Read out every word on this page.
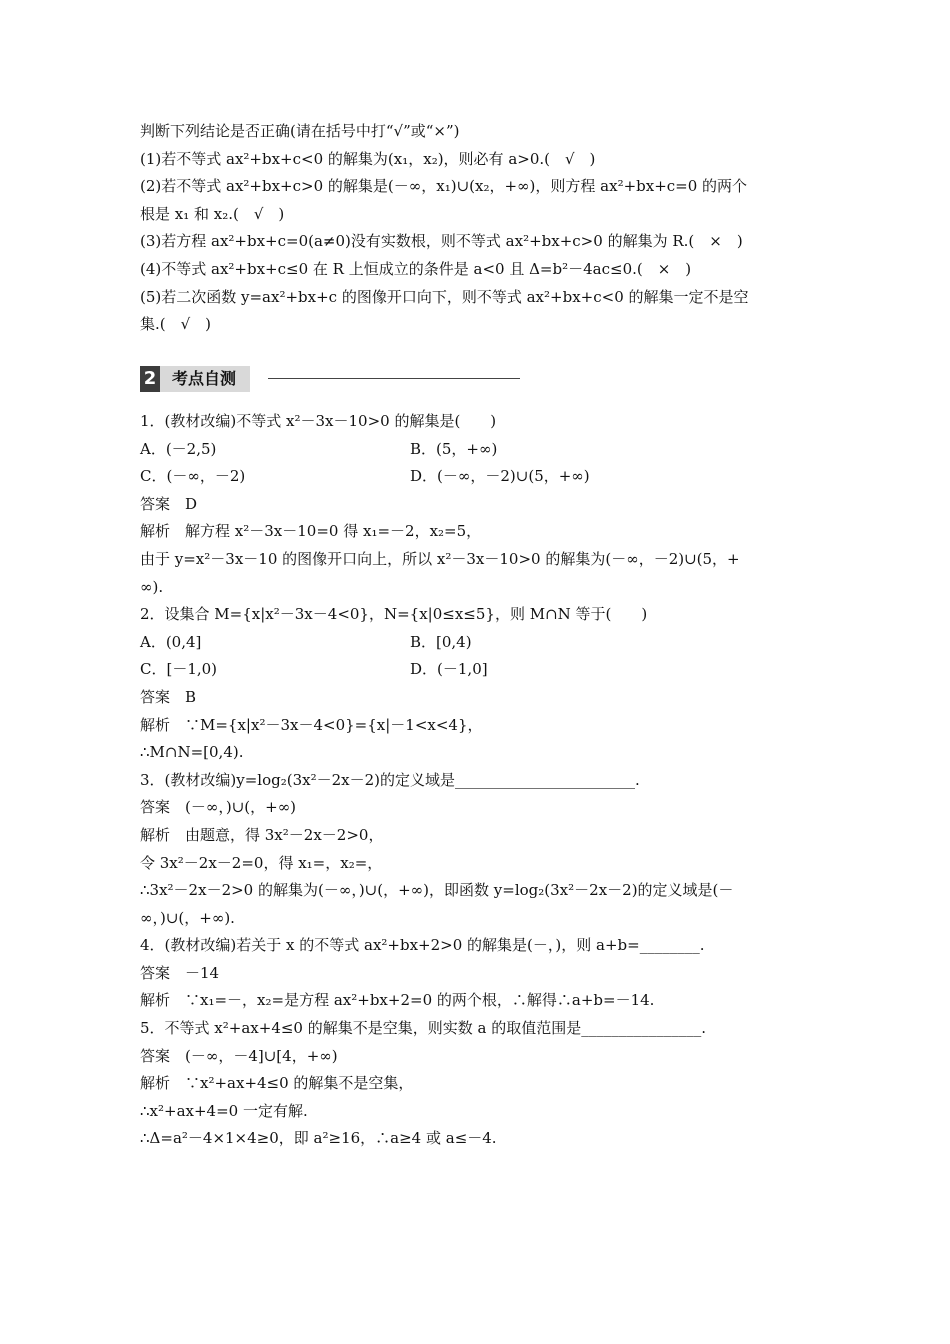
判断下列结论是否正确(请在括号中打“√”或“×”)
(1)若不等式 ax²+bx+c<0 的解集为(x₁，x₂)，则必有 a>0.(　√　)
(2)若不等式 ax²+bx+c>0 的解集是(－∞，x₁)∪(x₂，+∞)，则方程 ax²+bx+c=0 的两个
根是 x₁ 和 x₂.(　√　)
(3)若方程 ax²+bx+c=0(a≠0)没有实数根，则不等式 ax²+bx+c>0 的解集为 R.(　×　)
(4)不等式 ax²+bx+c≤0 在 R 上恒成立的条件是 a<0 且 Δ=b²－4ac≤0.(　×　)
(5)若二次函数 y=ax²+bx+c 的图像开口向下，则不等式 ax²+bx+c<0 的解集一定不是空
集.(　√　)
2 考点自测
1．(教材改编)不等式 x²－3x－10>0 的解集是(　　)
A．(－2,5)	B．(5，+∞)
C．(－∞，－2)	D．(－∞，－2)∪(5，+∞)
答案　D
解析　解方程 x²－3x－10=0 得 x₁=－2，x₂=5，
由于 y=x²－3x－10 的图像开口向上，所以 x²－3x－10>0 的解集为(－∞，－2)∪(5，+
∞).
2．设集合 M={x|x²－3x－4<0}，N={x|0≤x≤5}，则 M∩N 等于(　　)
A．(0,4]	B．[0,4)
C．[－1,0)	D．(－1,0]
答案　B
解析　∵M={x|x²－3x－4<0}={x|－1<x<4}，
∴M∩N=[0,4).
3．(教材改编)y=log₂(3x²－2x－2)的定义域是________________________.
答案　(－∞，)∪(，+∞)
解析　由题意，得 3x²－2x－2>0，
令 3x²－2x－2=0，得 x₁=，x₂=，
∴3x²－2x－2>0 的解集为(－∞，)∪(，+∞)，即函数 y=log₂(3x²－2x－2)的定义域是(－
∞，)∪(，+∞).
4．(教材改编)若关于 x 的不等式 ax²+bx+2>0 的解集是(－，)，则 a+b=________.
答案　－14
解析　∵x₁=－，x₂=是方程 ax²+bx+2=0 的两个根，∴解得∴a+b=－14.
5．不等式 x²+ax+4≤0 的解集不是空集，则实数 a 的取值范围是________________.
答案　(－∞，－4]∪[4，+∞)
解析　∵x²+ax+4≤0 的解集不是空集，
∴x²+ax+4=0 一定有解.
∴Δ=a²－4×1×4≥0，即 a²≥16，∴a≥4 或 a≤－4.
